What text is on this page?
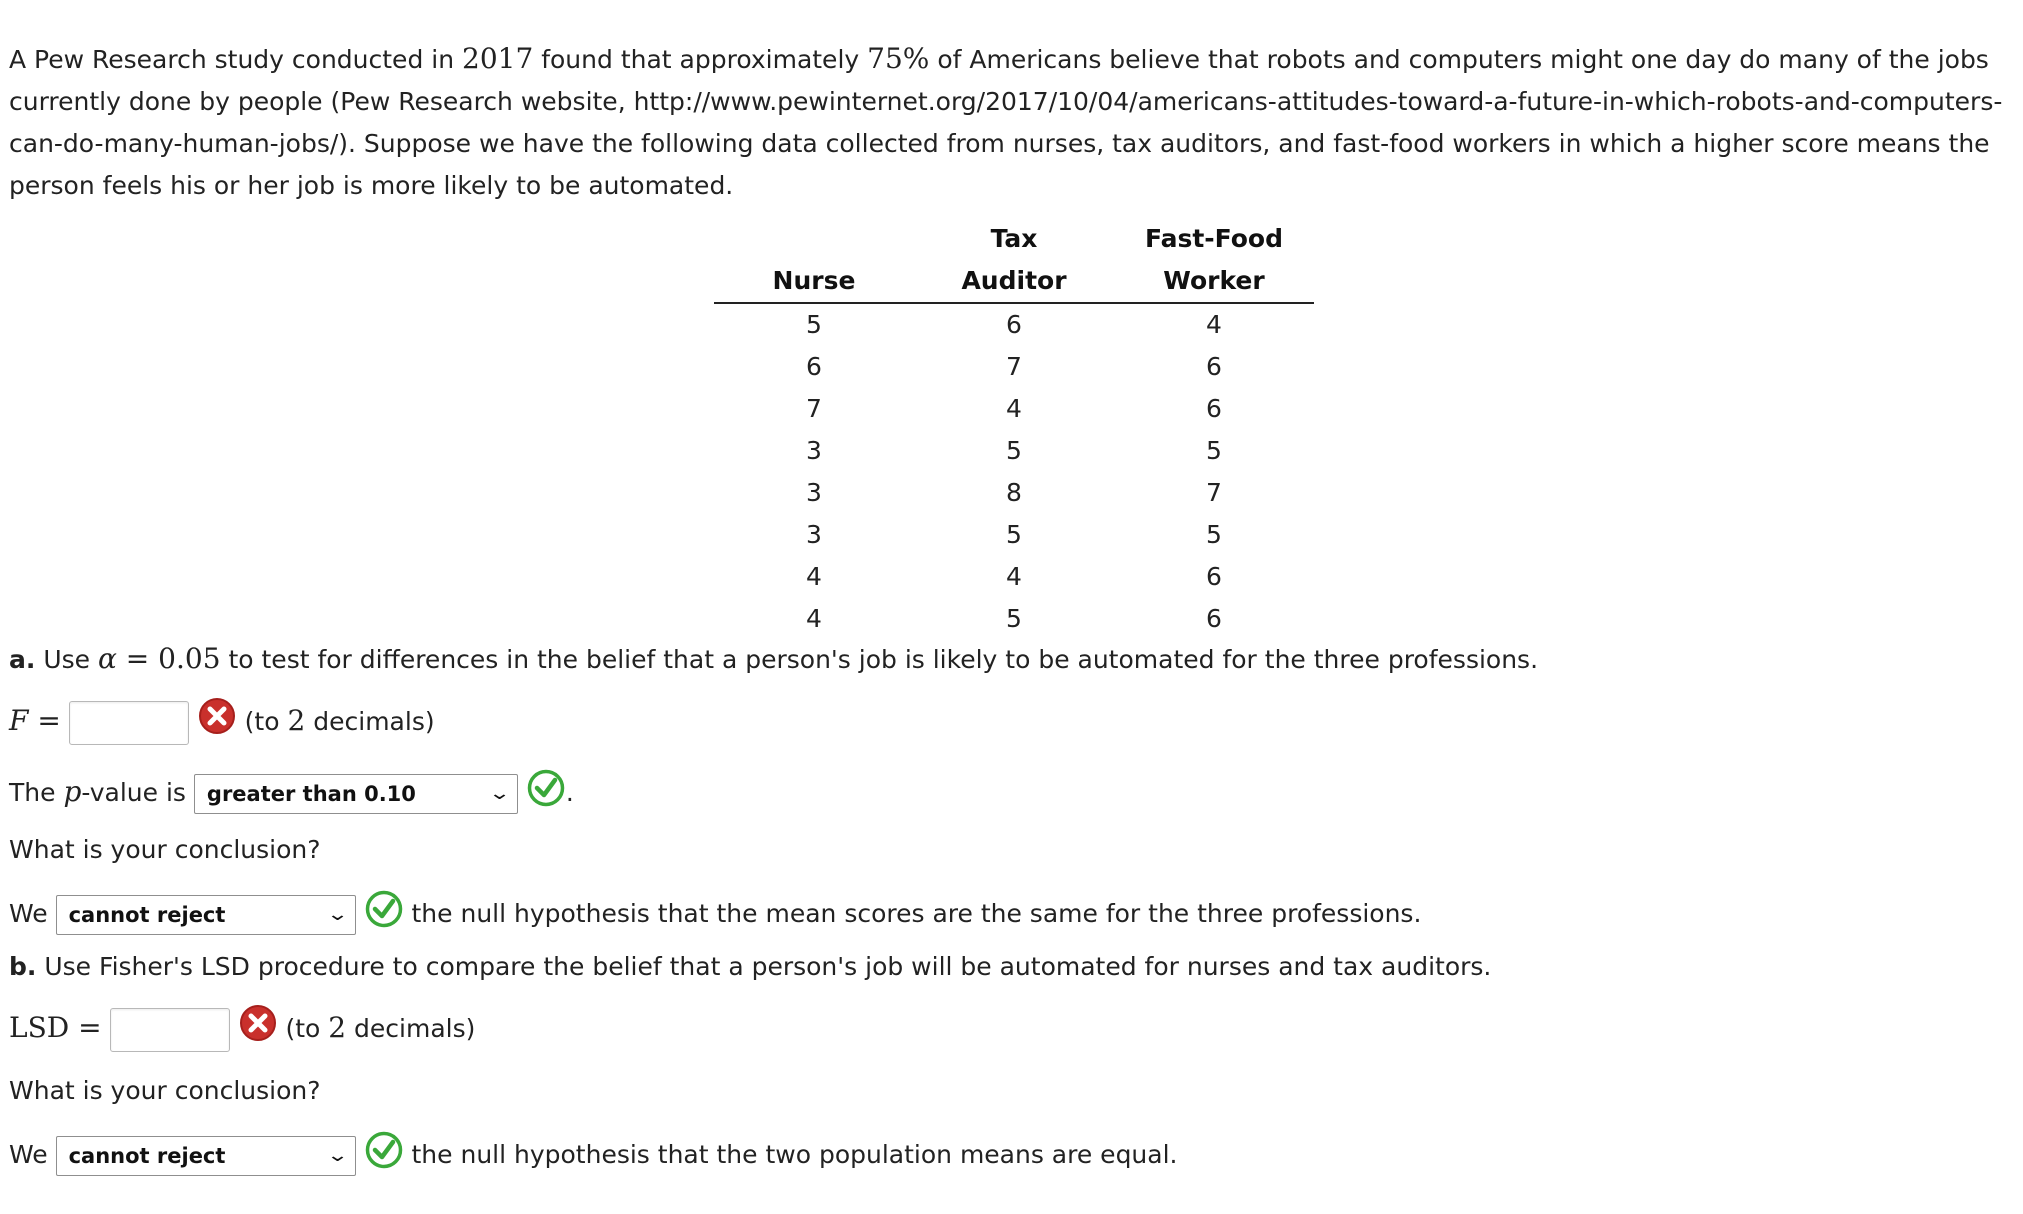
A Pew Research study conducted in 2017 found that approximately 75% of Americans believe that robots and computers might one day do many of the jobs currently done by people (Pew Research website, http://www.pewinternet.org/2017/10/04/americans-attitudes-toward-a-future-in-which-robots-and-computers-can-do-many-human-jobs/). Suppose we have the following data collected from nurses, tax auditors, and fast-food workers in which a higher score means the person feels his or her job is more likely to be automated.

	Tax	Fast-Food
Nurse	Auditor	Worker
5	6	4
6	7	6
7	4	6
3	5	5
3	8	7
3	5	5
4	4	6
4	5	6
a. Use α = 0.05 to test for differences in the belief that a person's job is likely to be automated for the three professions.
F =	(to 2 decimals)
The p-value is greater than 0.10	⌄ .
What is your conclusion?
We cannot reject	⌄	the null hypothesis that the mean scores are the same for the three professions.
b. Use Fisher's LSD procedure to compare the belief that a person's job will be automated for nurses and tax auditors.
LSD =	(to 2 decimals)
What is your conclusion?
We cannot reject	⌄	the null hypothesis that the two population means are equal.
